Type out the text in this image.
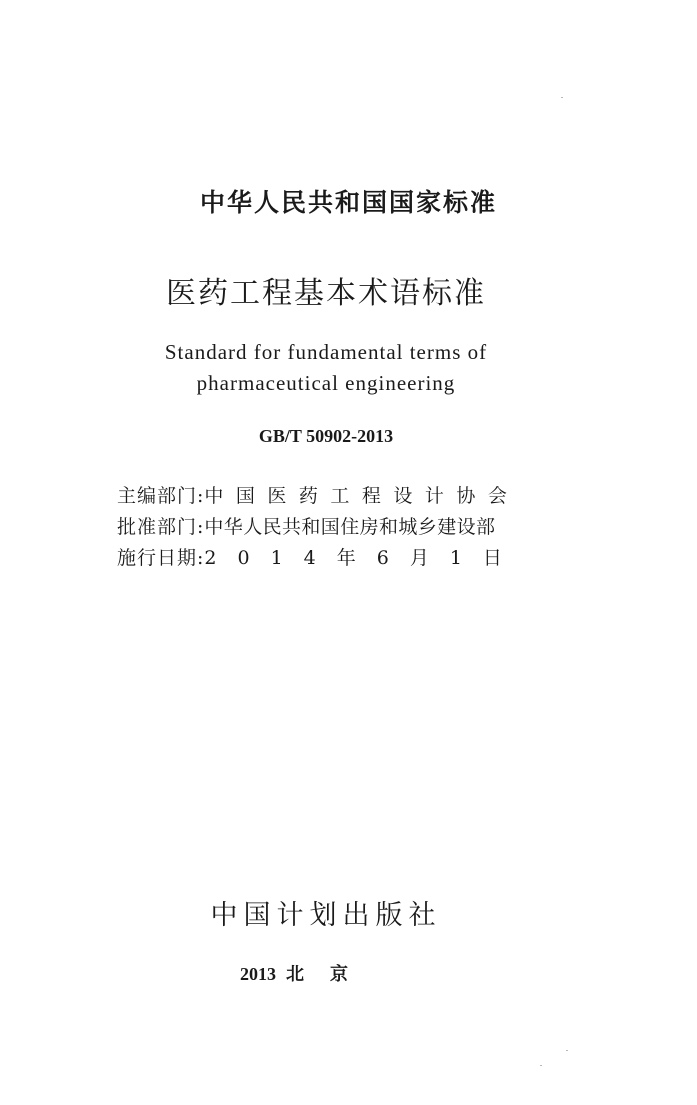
中华人民共和国国家标准
医药工程基本术语标准
Standard for fundamental terms of
pharmaceutical engineering
GB/T 50902-2013
主编部门:中国医药工程设计协会
批准部门:中华人民共和国住房和城乡建设部
施行日期:2014年6月1日
中国计划出版社
2013 北京
